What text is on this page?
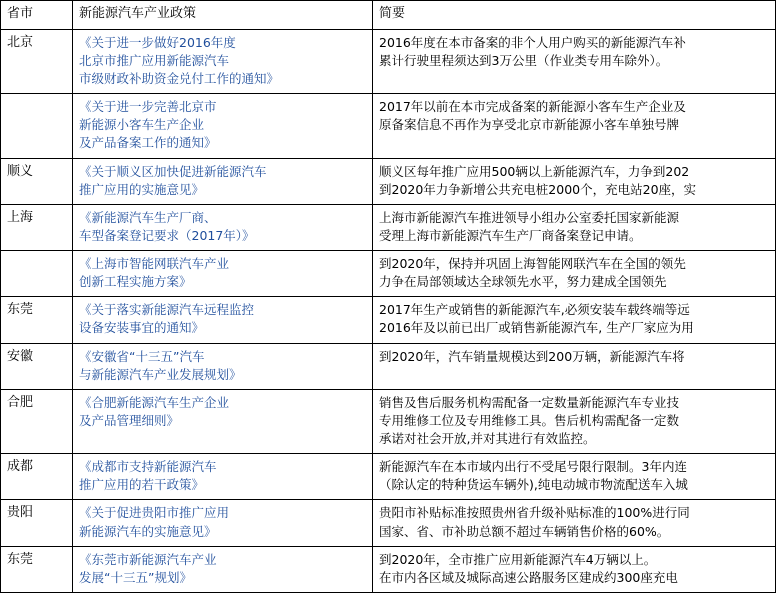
省市	新能源汽车产业政策	简要
北京	《关于进一步做好2016年度
北京市推广应用新能源汽车
市级财政补助资金兑付工作的通知》	2016年度在本市备案的非个人用户购买的新能源汽车补
累计行驶里程须达到3万公里（作业类专用车除外）。

	《关于进一步完善北京市
新能源小客车生产企业
及产品备案工作的通知》	2017年以前在本市完成备案的新能源小客车生产企业及
原备案信息不再作为享受北京市新能源小客车单独号牌

顺义	《关于顺义区加快促进新能源汽车
推广应用的实施意见》	顺义区每年推广应用500辆以上新能源汽车，力争到202
到2020年力争新增公共充电桩2000个，充电站20座，实

上海	《新能源汽车生产厂商、
车型备案登记要求（2017年）》	上海市新能源汽车推进领导小组办公室委托国家新能源
受理上海市新能源汽车生产厂商备案登记申请。

	《上海市智能网联汽车产业
创新工程实施方案》	到2020年，保持并巩固上海智能网联汽车在全国的领先
力争在局部领域达全球领先水平，努力建成全国领先

东莞	《关于落实新能源汽车远程监控
设备安装事宜的通知》	2017年生产或销售的新能源汽车,必须安装车载终端等远
2016年及以前已出厂或销售新能源汽车, 生产厂家应为用

安徽	《安徽省“十三五”汽车
与新能源汽车产业发展规划》	到2020年，汽车销量规模达到200万辆，新能源汽车将

合肥	《合肥新能源汽车生产企业
及产品管理细则》	销售及售后服务机构需配备一定数量新能源汽车专业技
专用维修工位及专用维修工具。售后机构需配备一定数
承诺对社会开放,并对其进行有效监控。

成都	《成都市支持新能源汽车
推广应用的若干政策》	新能源汽车在本市域内出行不受尾号限行限制。3年内连
（除认定的特种货运车辆外),纯电动城市物流配送车入城

贵阳	《关于促进贵阳市推广应用
新能源汽车的实施意见》	贵阳市补贴标准按照贵州省升级补贴标准的100%进行同
国家、省、市补助总额不超过车辆销售价格的60%。

东莞	《东莞市新能源汽车产业
发展“十三五”规划》	到2020年，全市推广应用新能源汽车4万辆以上。
在市内各区域及城际高速公路服务区建成约300座充电
